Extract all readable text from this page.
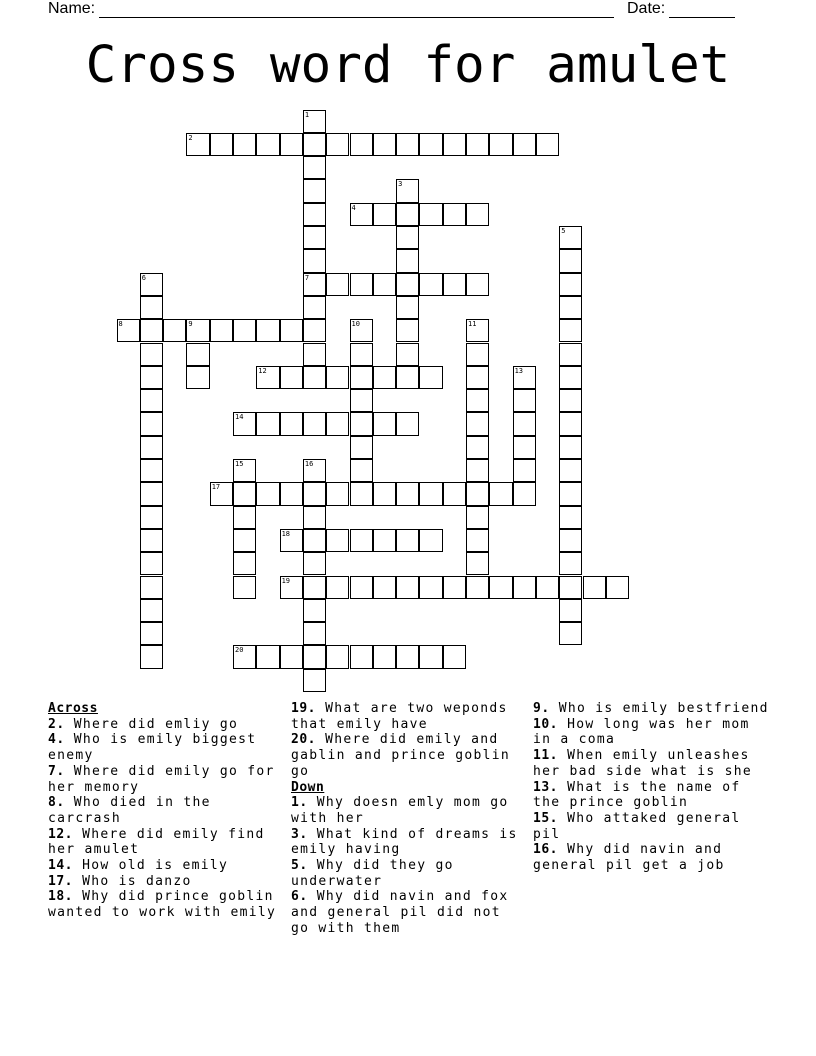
Name:	Date:
Cross word for amulet
2
4
7
8	9
12
14
17
18
19
20
1
3
5
6
10	11
13
15	16
Across
2. Where did emliy go
4. Who is emily biggest enemy
7. Where did emily go for her memory
8. Who died in the carcrash
12. Where did emily find her amulet
14. How old is emily
17. Who is danzo
18. Why did prince goblin wanted to work with emily
19. What are two weponds that emily have
20. Where did emily and gablin and prince goblin go
Down
1. Why doesn emly mom go with her
3. What kind of dreams is emily having
5. Why did they go underwater
6. Why did navin and fox and general pil did not go with them
9. Who is emily bestfriend
10. How long was her mom in a coma
11. When emily unleashes her bad side what is she
13. What is the name of the prince goblin
15. Who attaked general pil
16. Why did navin and general pil get a job
